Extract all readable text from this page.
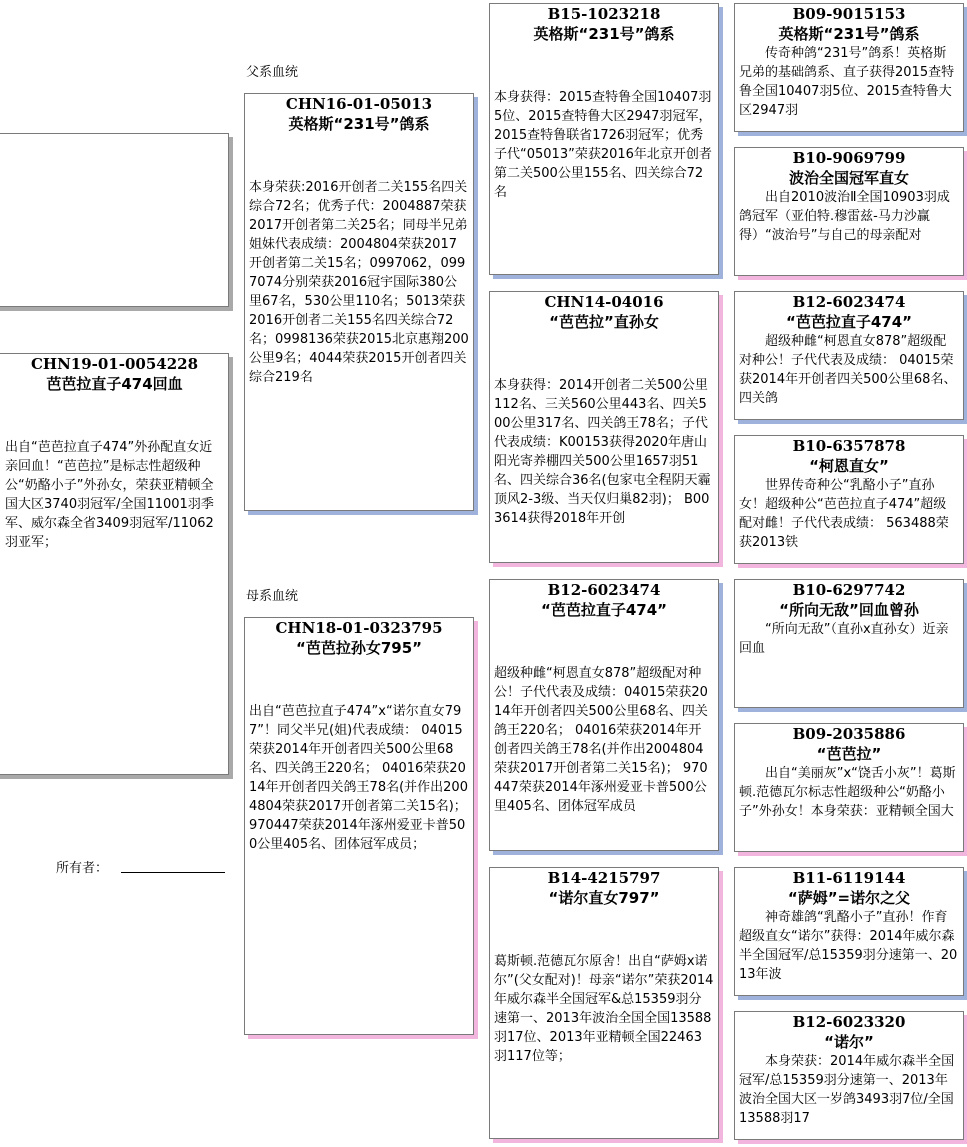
CHN19-01-0054228
芭芭拉直子474回血
出自“芭芭拉直子474”外孙配直女近亲回血！“芭芭拉”是标志性超级种公“奶酪小子”外孙女，荣获亚精顿全国大区3740羽冠军/全国11001羽季军、威尔森全省3409羽冠军/11062羽亚军；
所有者：
父系血统
母系血统
CHN16-01-05013
英格斯“231号”鸽系
本身荣获:2016开创者二关155名四关综合72名；优秀子代：2004887荣获2017开创者第二关25名；同母半兄弟姐妹代表成绩：2004804荣获2017开创者第二关15名；0997062，0997074分别荣获2016冠宇国际380公里67名，530公里110名；5013荣获2016开创者二关155名四关综合72名；0998136荣获2015北京惠翔200公里9名；4044荣获2015开创者四关综合219名
CHN18-01-0323795
“芭芭拉孙女795”
出自“芭芭拉直子474”x“诺尔直女797”！同父半兄(姐)代表成绩： 04015荣获2014年开创者四关500公里68名、四关鸽王220名； 04016荣获2014年开创者四关鸽王78名(并作出2004804荣获2017开创者第二关15名)； 970447荣获2014年涿州爱亚卡普500公里405名、团体冠军成员；
B15-1023218
英格斯“231号”鸽系
本身获得：2015查特鲁全国10407羽5位、2015查特鲁大区2947羽冠军，2015查特鲁联省1726羽冠军；优秀子代“05013”荣获2016年北京开创者第二关500公里155名、四关综合72名
CHN14-04016
“芭芭拉”直孙女
本身获得：2014开创者二关500公里112名、三关560公里443名、四关500公里317名、四关鸽王78名；子代代表成绩：K00153获得2020年唐山阳光寄养棚四关500公里1657羽51名、四关综合36名(包家屯全程阴天霾顶风2-3级、当天仅归巢82羽)； B003614获得2018年开创
B12-6023474
“芭芭拉直子474”
超级种雌“柯恩直女878”超级配对种公！子代代表及成绩：04015荣获2014年开创者四关500公里68名、四关鸽王220名； 04016荣获2014年开创者四关鸽王78名(并作出2004804荣获2017开创者第二关15名)； 970447荣获2014年涿州爱亚卡普500公里405名、团体冠军成员
B14-4215797
“诺尔直女797”
葛斯顿.范德瓦尔原舍！出自“萨姆x诺尔”(父女配对)！母亲“诺尔”荣获2014年威尔森半全国冠军&总15359羽分速第一、2013年波治全国全国13588羽17位、2013年亚精顿全国22463羽117位等；
B09-9015153
英格斯“231号”鸽系
传奇种鸽“231号”鸽系！英格斯兄弟的基础鸽系、直子获得2015查特鲁全国10407羽5位、2015查特鲁大区2947羽
B10-9069799
波治全国冠军直女
出自2010波治Ⅱ全国10903羽成鸽冠军（亚伯特.穆雷兹-马力沙赢得）“波治号”与自己的母亲配对
B12-6023474
“芭芭拉直子474”
超级种雌“柯恩直女878”超级配对种公！子代代表及成绩： 04015荣获2014年开创者四关500公里68名、四关鸽
B10-6357878
“柯恩直女”
世界传奇种公“乳酪小子”直孙女！超级种公“芭芭拉直子474”超级配对雌！子代代表成绩： 563488荣获2013铁
B10-6297742
“所向无敌”回血曾孙
“所向无敌”（直孙x直孙女）近亲回血
B09-2035886
“芭芭拉”
出自“美丽灰”x“饶舌小灰”！葛斯顿.范德瓦尔标志性超级种公“奶酪小子”外孙女！本身荣获：亚精顿全国大
B11-6119144
“萨姆”=诺尔之父
神奇雄鸽“乳酪小子”直孙！作育超级直女“诺尔”获得：2014年威尔森半全国冠军/总15359羽分速第一、2013年波
B12-6023320
“诺尔”
本身荣获：2014年威尔森半全国冠军/总15359羽分速第一、2013年波治全国大区一岁鸽3493羽7位/全国13588羽17
